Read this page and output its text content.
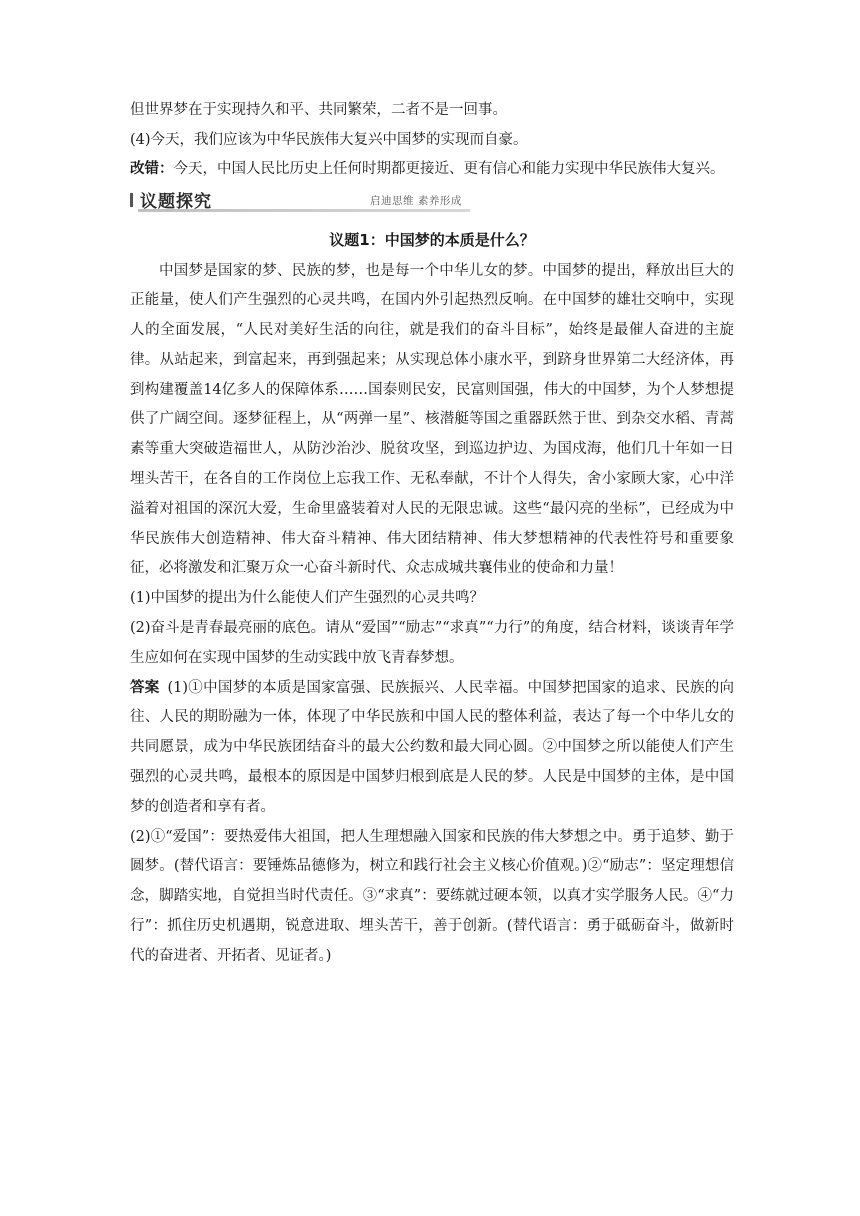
但世界梦在于实现持久和平、共同繁荣，二者不是一回事。

(4)今天，我们应该为中华民族伟大复兴中国梦的实现而自豪。

改错：今天，中国人民比历史上任何时期都更接近、更有信心和能力实现中华民族伟大复兴。

议题探究	启迪思维 素养形成
议题1：中国梦的本质是什么？

中国梦是国家的梦、民族的梦，也是每一个中华儿女的梦。中国梦的提出，释放出巨大的正能量，使人们产生强烈的心灵共鸣，在国内外引起热烈反响。在中国梦的雄壮交响中，实现人的全面发展，“人民对美好生活的向往，就是我们的奋斗目标”，始终是最催人奋进的主旋律。从站起来，到富起来，再到强起来；从实现总体小康水平，到跻身世界第二大经济体，再到构建覆盖14亿多人的保障体系……国泰则民安，民富则国强，伟大的中国梦，为个人梦想提供了广阔空间。逐梦征程上，从“两弹一星”、核潜艇等国之重器跃然于世、到杂交水稻、青蒿素等重大突破造福世人，从防沙治沙、脱贫攻坚，到巡边护边、为国戍海，他们几十年如一日埋头苦干，在各自的工作岗位上忘我工作、无私奉献，不计个人得失，舍小家顾大家，心中洋溢着对祖国的深沉大爱，生命里盛装着对人民的无限忠诚。这些“最闪亮的坐标”，已经成为中华民族伟大创造精神、伟大奋斗精神、伟大团结精神、伟大梦想精神的代表性符号和重要象征，必将激发和汇聚万众一心奋斗新时代、众志成城共襄伟业的使命和力量！

(1)中国梦的提出为什么能使人们产生强烈的心灵共鸣？

(2)奋斗是青春最亮丽的底色。请从“爱国”“励志”“求真”“力行”的角度，结合材料，谈谈青年学生应如何在实现中国梦的生动实践中放飞青春梦想。

答案 (1)①中国梦的本质是国家富强、民族振兴、人民幸福。中国梦把国家的追求、民族的向往、人民的期盼融为一体，体现了中华民族和中国人民的整体利益，表达了每一个中华儿女的共同愿景，成为中华民族团结奋斗的最大公约数和最大同心圆。②中国梦之所以能使人们产生强烈的心灵共鸣，最根本的原因是中国梦归根到底是人民的梦。人民是中国梦的主体，是中国梦的创造者和享有者。

(2)①“爱国”：要热爱伟大祖国，把人生理想融入国家和民族的伟大梦想之中。勇于追梦、勤于圆梦。(替代语言：要锤炼品德修为，树立和践行社会主义核心价值观。)②“励志”：坚定理想信念，脚踏实地，自觉担当时代责任。③“求真”：要练就过硬本领，以真才实学服务人民。④“力行”：抓住历史机遇期，锐意进取、埋头苦干，善于创新。(替代语言：勇于砥砺奋斗，做新时代的奋进者、开拓者、见证者。)
